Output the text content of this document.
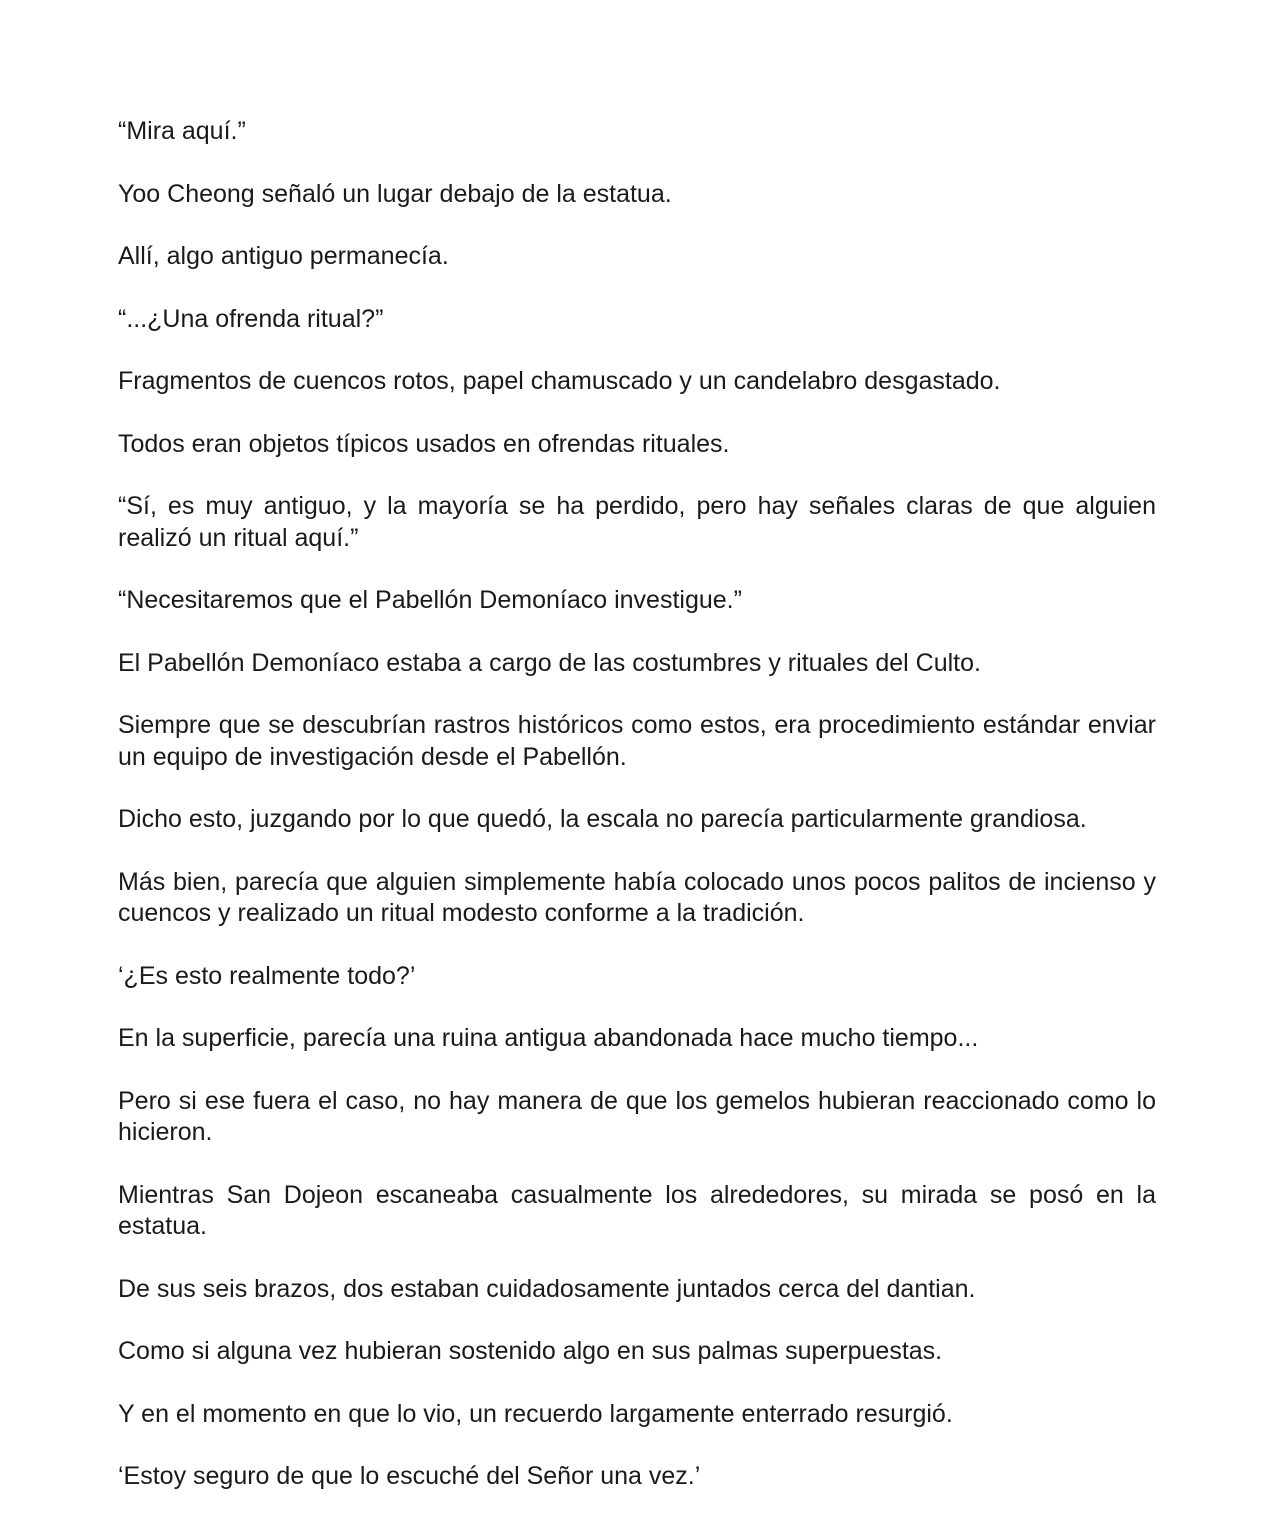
“Mira aquí.”

Yoo Cheong señaló un lugar debajo de la estatua.

Allí, algo antiguo permanecía.

“...¿Una ofrenda ritual?”

Fragmentos de cuencos rotos, papel chamuscado y un candelabro desgastado.

Todos eran objetos típicos usados en ofrendas rituales.

“Sí, es muy antiguo, y la mayoría se ha perdido, pero hay señales claras de que alguien realizó un ritual aquí.”

“Necesitaremos que el Pabellón Demoníaco investigue.”

El Pabellón Demoníaco estaba a cargo de las costumbres y rituales del Culto.

Siempre que se descubrían rastros históricos como estos, era procedimiento estándar enviar un equipo de investigación desde el Pabellón.

Dicho esto, juzgando por lo que quedó, la escala no parecía particularmente grandiosa.

Más bien, parecía que alguien simplemente había colocado unos pocos palitos de incienso y cuencos y realizado un ritual modesto conforme a la tradición.

‘¿Es esto realmente todo?’

En la superficie, parecía una ruina antigua abandonada hace mucho tiempo...

Pero si ese fuera el caso, no hay manera de que los gemelos hubieran reaccionado como lo hicieron.

Mientras San Dojeon escaneaba casualmente los alrededores, su mirada se posó en la estatua.

De sus seis brazos, dos estaban cuidadosamente juntados cerca del dantian.

Como si alguna vez hubieran sostenido algo en sus palmas superpuestas.

Y en el momento en que lo vio, un recuerdo largamente enterrado resurgió.

‘Estoy seguro de que lo escuché del Señor una vez.’
